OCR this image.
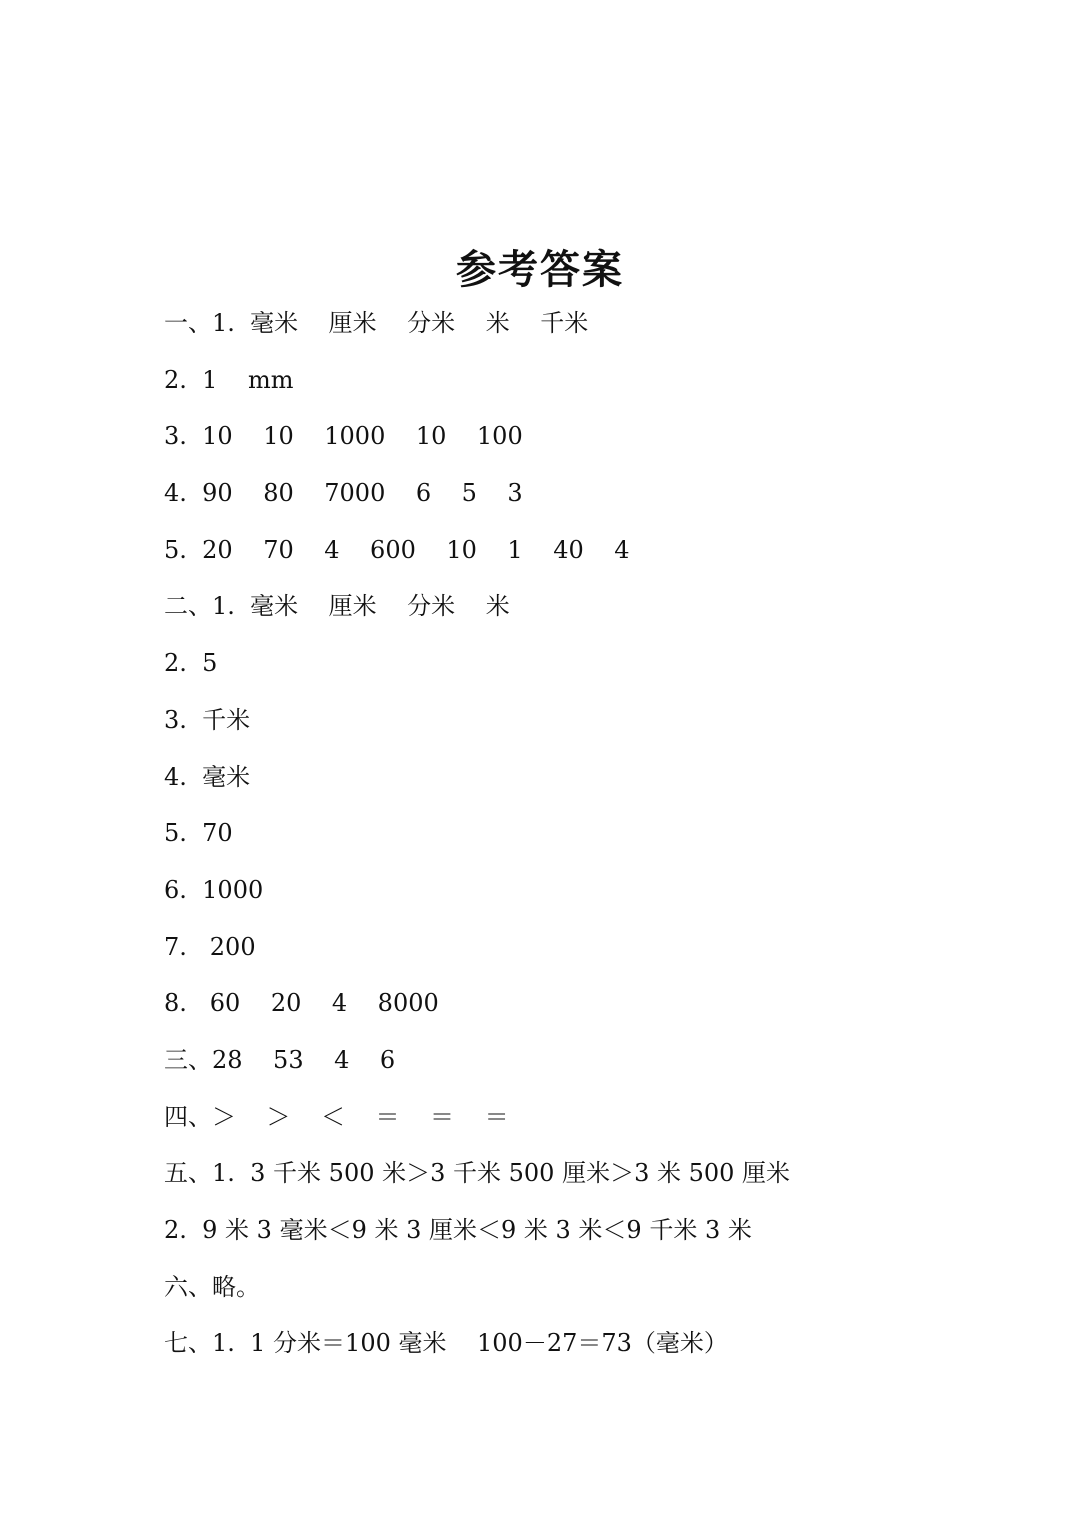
参考答案
一、1.  毫米    厘米    分米    米    千米
2.  1    mm
3.  10    10    1000    10    100
4.  90    80    7000    6    5    3
5.  20    70    4    600    10    1    40    4
二、1.  毫米    厘米    分米    米
2.  5
3.  千米
4.  毫米
5.  70
6.  1000
7.   200
8.   60    20    4    8000
三、28    53    4    6
四、＞    ＞    ＜    ＝    ＝    ＝
五、1.  3 千米 500 米＞3 千米 500 厘米＞3 米 500 厘米
2.  9 米 3 毫米＜9 米 3 厘米＜9 米 3 米＜9 千米 3 米
六、略。
七、1.  1 分米＝100 毫米    100－27＝73（毫米）
